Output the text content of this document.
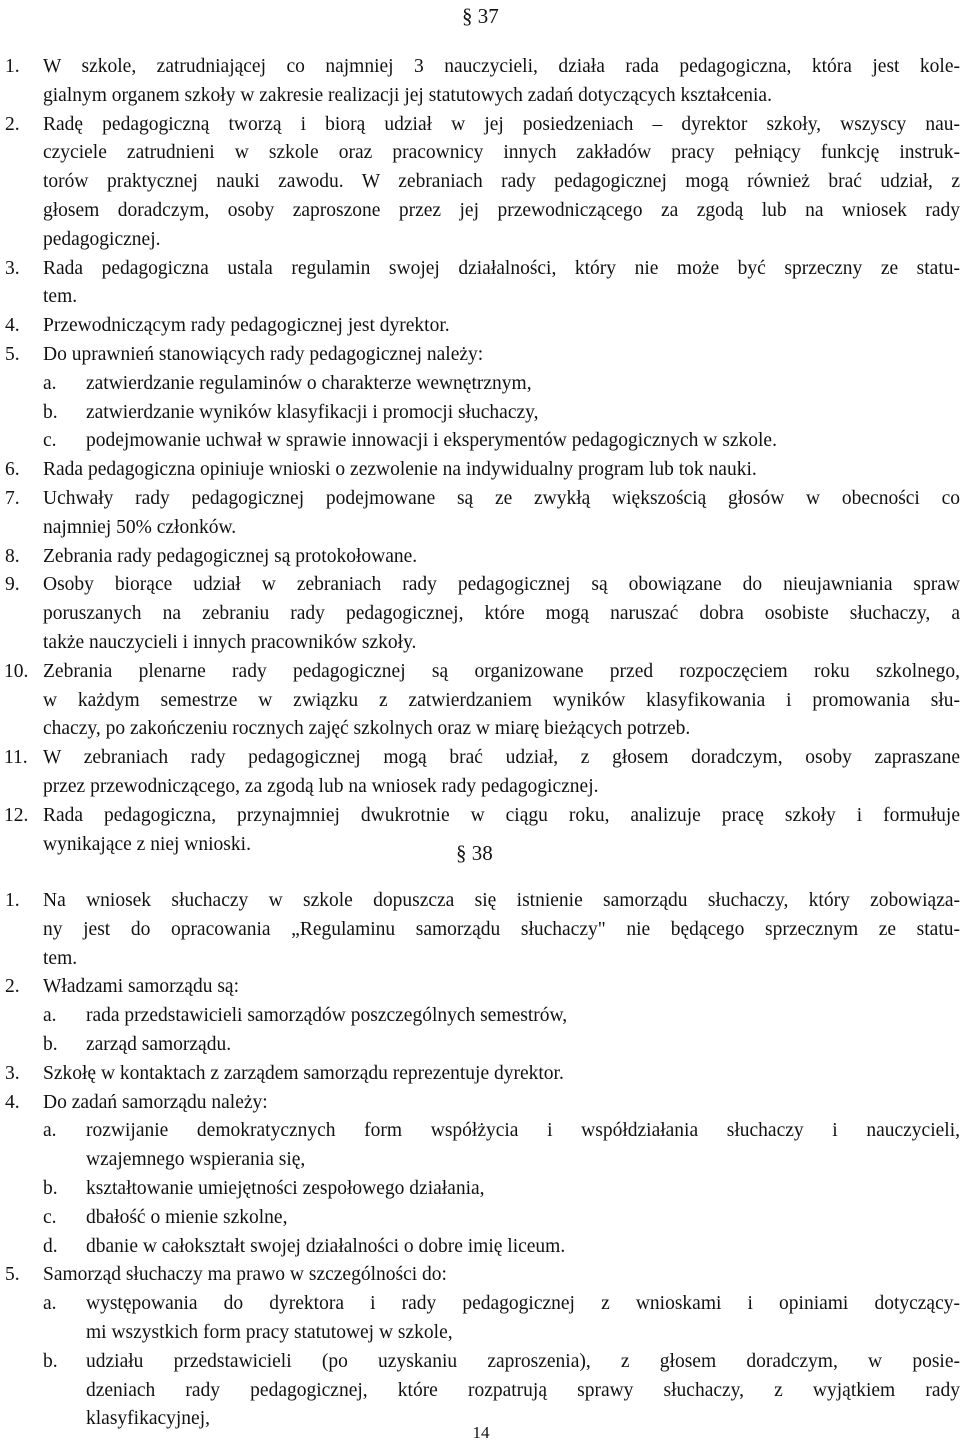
§ 37
1. W szkole, zatrudniającej co najmniej 3 nauczycieli, działa rada pedagogiczna, która jest kole-
gialnym organem szkoły w zakresie realizacji jej statutowych zadań dotyczących kształcenia.
2. Radę pedagogiczną tworzą i biorą udział w jej posiedzeniach – dyrektor szkoły, wszyscy nau-
czyciele zatrudnieni w szkole oraz pracownicy innych zakładów pracy pełniący funkcję instruk-
torów praktycznej nauki zawodu. W zebraniach rady pedagogicznej mogą również brać udział, z
głosem doradczym, osoby zaproszone przez jej przewodniczącego za zgodą lub na wniosek rady
pedagogicznej.
3. Rada pedagogiczna ustala regulamin swojej działalności, który nie może być sprzeczny ze statu-
tem.
4. Przewodniczącym rady pedagogicznej jest dyrektor.
5. Do uprawnień stanowiących rady pedagogicznej należy:
a. zatwierdzanie regulaminów o charakterze wewnętrznym,
b. zatwierdzanie wyników klasyfikacji i promocji słuchaczy,
c. podejmowanie uchwał w sprawie innowacji i eksperymentów pedagogicznych w szkole.
6. Rada pedagogiczna opiniuje wnioski o zezwolenie na indywidualny program lub tok nauki.
7. Uchwały rady pedagogicznej podejmowane są ze zwykłą większością głosów w obecności co
najmniej 50% członków.
8. Zebrania rady pedagogicznej są protokołowane.
9. Osoby biorące udział w zebraniach rady pedagogicznej są obowiązane do nieujawniania spraw
poruszanych na zebraniu rady pedagogicznej, które mogą naruszać dobra osobiste słuchaczy, a
także nauczycieli i innych pracowników szkoły.
10. Zebrania plenarne rady pedagogicznej są organizowane przed rozpoczęciem roku szkolnego,
w każdym semestrze w związku z zatwierdzaniem wyników klasyfikowania i promowania słu-
chaczy, po zakończeniu rocznych zajęć szkolnych oraz w miarę bieżących potrzeb.
11. W zebraniach rady pedagogicznej mogą brać udział, z głosem doradczym, osoby zapraszane
przez przewodniczącego, za zgodą lub na wniosek rady pedagogicznej.
12. Rada pedagogiczna, przynajmniej dwukrotnie w ciągu roku, analizuje pracę szkoły i formułuje
wynikające z niej wnioski.	§ 38
1. Na wniosek słuchaczy w szkole dopuszcza się istnienie samorządu słuchaczy, który zobowiąza-
ny jest do opracowania „Regulaminu samorządu słuchaczy" nie będącego sprzecznym ze statu-
tem.
2. Władzami samorządu są:
a. rada przedstawicieli samorządów poszczególnych semestrów,
b. zarząd samorządu.
3. Szkołę w kontaktach z zarządem samorządu reprezentuje dyrektor.
4. Do zadań samorządu należy:
a. rozwijanie demokratycznych form współżycia i współdziałania słuchaczy i nauczycieli,
wzajemnego wspierania się,
b. kształtowanie umiejętności zespołowego działania,
c. dbałość o mienie szkolne,
d. dbanie w całokształt swojej działalności o dobre imię liceum.
5. Samorząd słuchaczy ma prawo w szczególności do:
a. występowania do dyrektora i rady pedagogicznej z wnioskami i opiniami dotyczący-
mi wszystkich form pracy statutowej w szkole,
b. udziału przedstawicieli (po uzyskaniu zaproszenia), z głosem doradczym, w posie-
dzeniach rady pedagogicznej, które rozpatrują sprawy słuchaczy, z wyjątkiem rady
klasyfikacyjnej,
14
